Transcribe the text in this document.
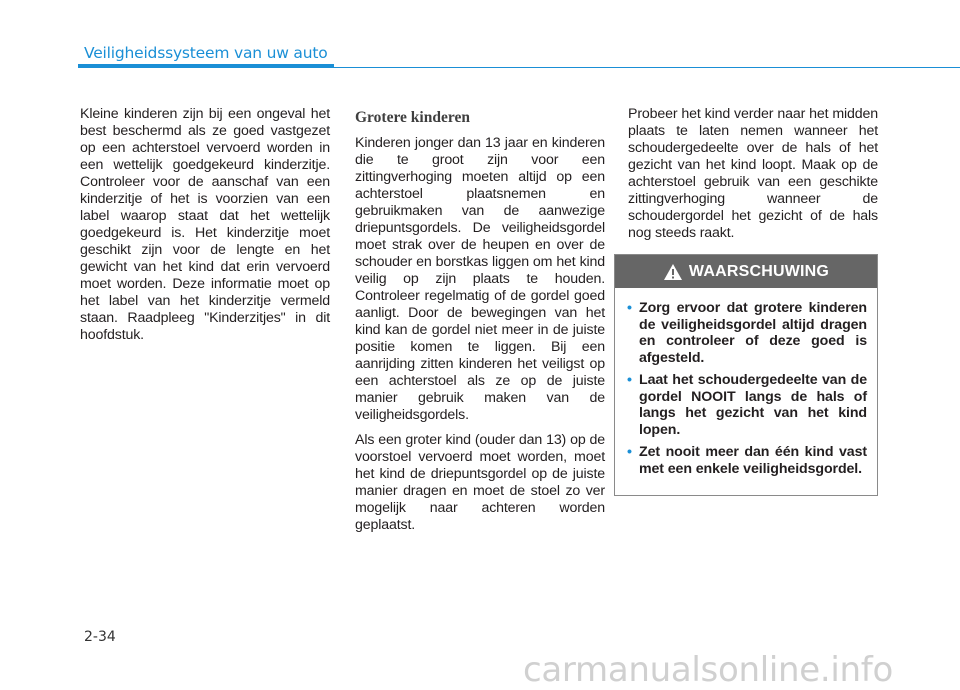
Veiligheidssysteem van uw auto

Kleine kinderen zijn bij een ongeval het best beschermd als ze goed vastgezet op een achterstoel vervoerd worden in een wettelijk goedgekeurd kinderzitje. Controleer voor de aanschaf van een kinderzitje of het is voorzien van een label waarop staat dat het wettelijk goedgekeurd is. Het kinderzitje moet geschikt zijn voor de lengte en het gewicht van het kind dat erin vervoerd moet worden. Deze informatie moet op het label van het kinderzitje vermeld staan. Raadpleeg "Kinderzitjes" in dit hoofdstuk.

Grotere kinderen

Kinderen jonger dan 13 jaar en kinderen die te groot zijn voor een zittingverhoging moeten altijd op een achterstoel plaatsnemen en gebruikmaken van de aanwezige driepuntsgordels. De veiligheidsgordel moet strak over de heupen en over de schouder en borstkas liggen om het kind veilig op zijn plaats te houden. Controleer regelmatig of de gordel goed aanligt. Door de bewegingen van het kind kan de gordel niet meer in de juiste positie komen te liggen. Bij een aanrijding zitten kinderen het veiligst op een achterstoel als ze op de juiste manier gebruik maken van de veiligheidsgordels.

Als een groter kind (ouder dan 13) op de voorstoel vervoerd moet worden, moet het kind de driepuntsgordel op de juiste manier dragen en moet de stoel zo ver mogelijk naar achteren worden geplaatst.

Probeer het kind verder naar het midden plaats te laten nemen wanneer het schoudergedeelte over de hals of het gezicht van het kind loopt. Maak op de achterstoel gebruik van een geschikte zittingverhoging wanneer de schoudergordel het gezicht of de hals nog steeds raakt.

WAARSCHUWING
• Zorg ervoor dat grotere kinderen de veiligheidsgordel altijd dragen en controleer of deze goed is afgesteld.
• Laat het schoudergedeelte van de gordel NOOIT langs de hals of langs het gezicht van het kind lopen.
• Zet nooit meer dan één kind vast met een enkele veiligheidsgordel.
2-34
carmanualsonline.info
